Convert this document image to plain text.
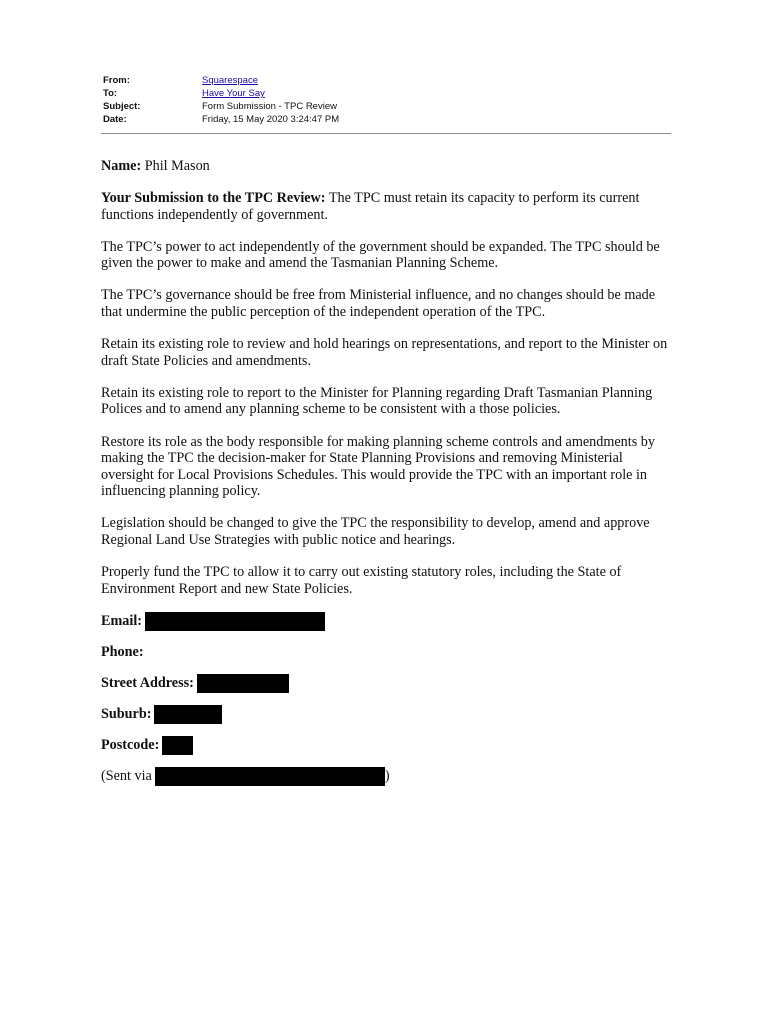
From:	Squarespace
To:	Have Your Say
Subject:	Form Submission - TPC Review
Date:	Friday, 15 May 2020 3:24:47 PM

Name: Phil Mason

Your Submission to the TPC Review: The TPC must retain its capacity to perform its current functions independently of government.

The TPC’s power to act independently of the government should be expanded. The TPC should be given the power to make and amend the Tasmanian Planning Scheme.

The TPC’s governance should be free from Ministerial influence, and no changes should be made that undermine the public perception of the independent operation of the TPC.

Retain its existing role to review and hold hearings on representations, and report to the Minister on draft State Policies and amendments.

Retain its existing role to report to the Minister for Planning regarding Draft Tasmanian Planning Polices and to amend any planning scheme to be consistent with a those policies.

Restore its role as the body responsible for making planning scheme controls and amendments by making the TPC the decision-maker for State Planning Provisions and removing Ministerial oversight for Local Provisions Schedules. This would provide the TPC with an important role in influencing planning policy.

Legislation should be changed to give the TPC the responsibility to develop, amend and approve Regional Land Use Strategies with public notice and hearings.

Properly fund the TPC to allow it to carry out existing statutory roles, including the State of Environment Report and new State Policies.

Email:
Phone:
Street Address:
Suburb:
Postcode:
(Sent via	)
